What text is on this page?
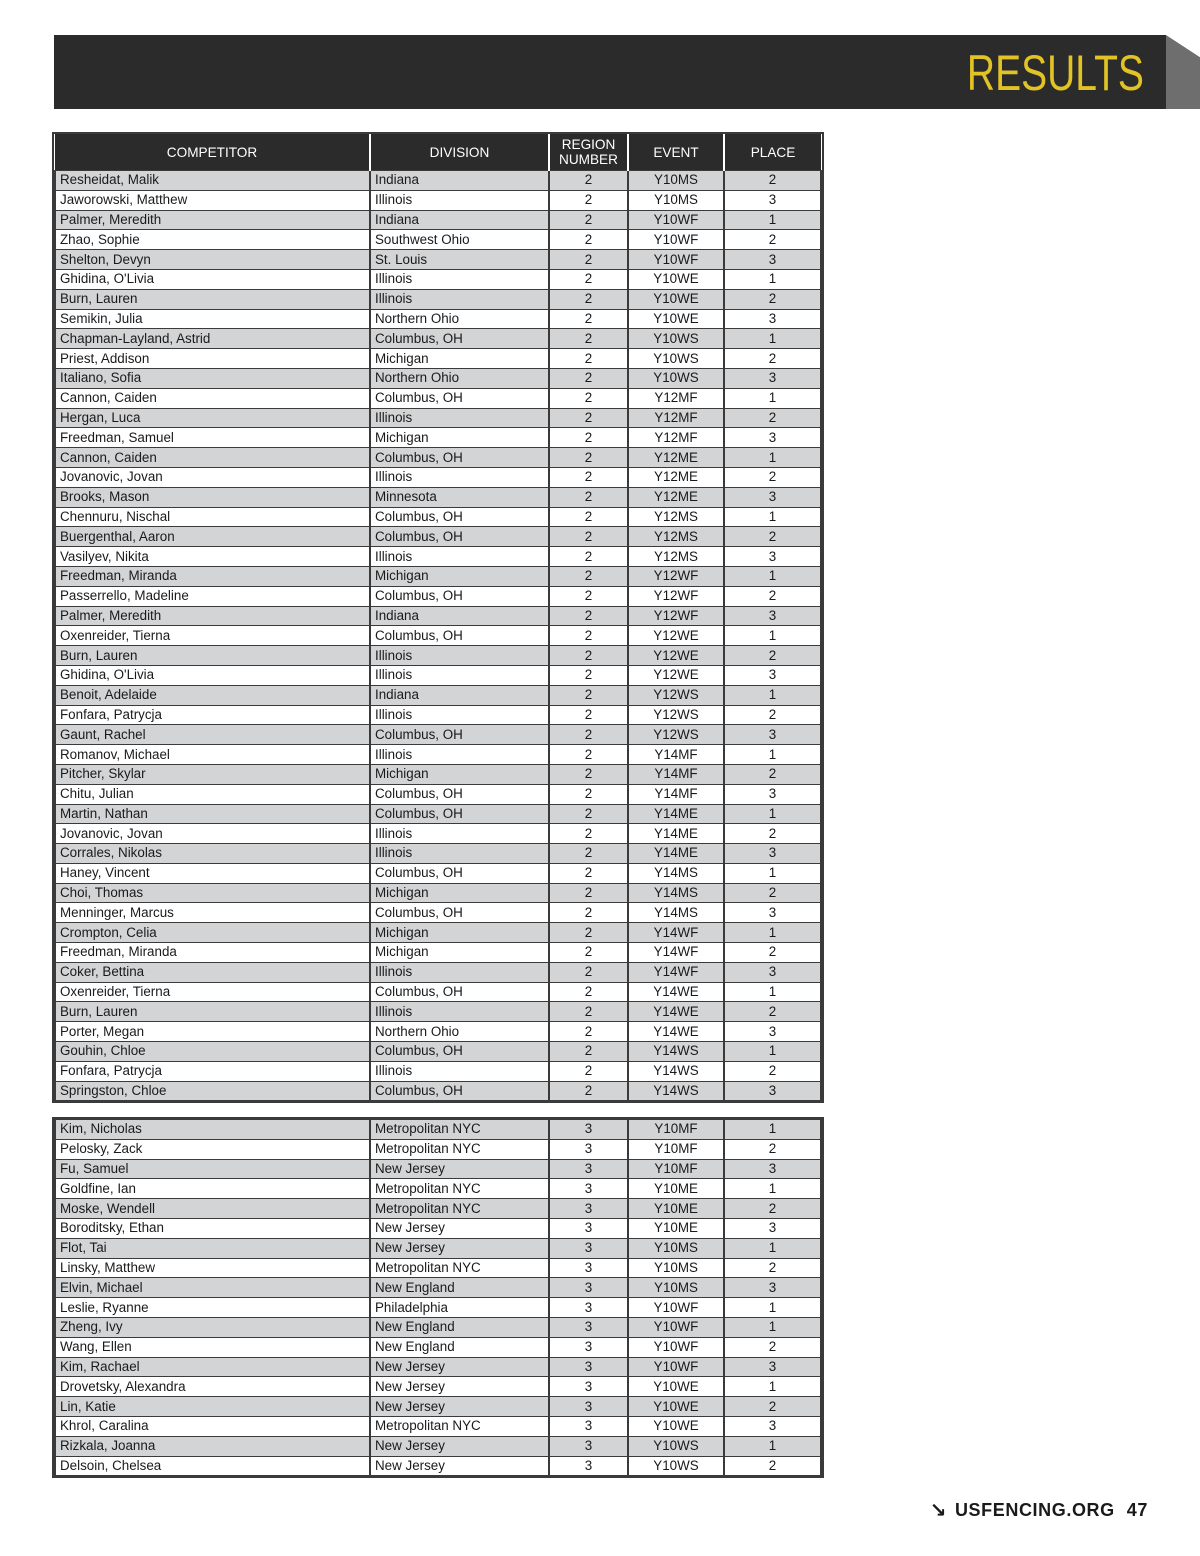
RESULTS
COMPETITOR	DIVISION	REGION NUMBER	EVENT	PLACE
Resheidat, Malik	Indiana	2	Y10MS	2
Jaworowski, Matthew	Illinois	2	Y10MS	3
Palmer, Meredith	Indiana	2	Y10WF	1
Zhao, Sophie	Southwest Ohio	2	Y10WF	2
Shelton, Devyn	St. Louis	2	Y10WF	3
Ghidina, O'Livia	Illinois	2	Y10WE	1
Burn, Lauren	Illinois	2	Y10WE	2
Semikin, Julia	Northern Ohio	2	Y10WE	3
Chapman-Layland, Astrid	Columbus, OH	2	Y10WS	1
Priest, Addison	Michigan	2	Y10WS	2
Italiano, Sofia	Northern Ohio	2	Y10WS	3
Cannon, Caiden	Columbus, OH	2	Y12MF	1
Hergan, Luca	Illinois	2	Y12MF	2
Freedman, Samuel	Michigan	2	Y12MF	3
Cannon, Caiden	Columbus, OH	2	Y12ME	1
Jovanovic, Jovan	Illinois	2	Y12ME	2
Brooks, Mason	Minnesota	2	Y12ME	3
Chennuru, Nischal	Columbus, OH	2	Y12MS	1
Buergenthal, Aaron	Columbus, OH	2	Y12MS	2
Vasilyev, Nikita	Illinois	2	Y12MS	3
Freedman, Miranda	Michigan	2	Y12WF	1
Passerrello, Madeline	Columbus, OH	2	Y12WF	2
Palmer, Meredith	Indiana	2	Y12WF	3
Oxenreider, Tierna	Columbus, OH	2	Y12WE	1
Burn, Lauren	Illinois	2	Y12WE	2
Ghidina, O'Livia	Illinois	2	Y12WE	3
Benoit, Adelaide	Indiana	2	Y12WS	1
Fonfara, Patrycja	Illinois	2	Y12WS	2
Gaunt, Rachel	Columbus, OH	2	Y12WS	3
Romanov, Michael	Illinois	2	Y14MF	1
Pitcher, Skylar	Michigan	2	Y14MF	2
Chitu, Julian	Columbus, OH	2	Y14MF	3
Martin, Nathan	Columbus, OH	2	Y14ME	1
Jovanovic, Jovan	Illinois	2	Y14ME	2
Corrales, Nikolas	Illinois	2	Y14ME	3
Haney, Vincent	Columbus, OH	2	Y14MS	1
Choi, Thomas	Michigan	2	Y14MS	2
Menninger, Marcus	Columbus, OH	2	Y14MS	3
Crompton, Celia	Michigan	2	Y14WF	1
Freedman, Miranda	Michigan	2	Y14WF	2
Coker, Bettina	Illinois	2	Y14WF	3
Oxenreider, Tierna	Columbus, OH	2	Y14WE	1
Burn, Lauren	Illinois	2	Y14WE	2
Porter, Megan	Northern Ohio	2	Y14WE	3
Gouhin, Chloe	Columbus, OH	2	Y14WS	1
Fonfara, Patrycja	Illinois	2	Y14WS	2
Springston, Chloe	Columbus, OH	2	Y14WS	3
Kim, Nicholas	Metropolitan NYC	3	Y10MF	1
Pelosky, Zack	Metropolitan NYC	3	Y10MF	2
Fu, Samuel	New Jersey	3	Y10MF	3
Goldfine, Ian	Metropolitan NYC	3	Y10ME	1
Moske, Wendell	Metropolitan NYC	3	Y10ME	2
Boroditsky, Ethan	New Jersey	3	Y10ME	3
Flot, Tai	New Jersey	3	Y10MS	1
Linsky, Matthew	Metropolitan NYC	3	Y10MS	2
Elvin, Michael	New England	3	Y10MS	3
Leslie, Ryanne	Philadelphia	3	Y10WF	1
Zheng, Ivy	New England	3	Y10WF	1
Wang, Ellen	New England	3	Y10WF	2
Kim, Rachael	New Jersey	3	Y10WF	3
Drovetsky, Alexandra	New Jersey	3	Y10WE	1
Lin, Katie	New Jersey	3	Y10WE	2
Khrol, Caralina	Metropolitan NYC	3	Y10WE	3
Rizkala, Joanna	New Jersey	3	Y10WS	1
Delsoin, Chelsea	New Jersey	3	Y10WS	2
↘ USFENCING.ORG 47
